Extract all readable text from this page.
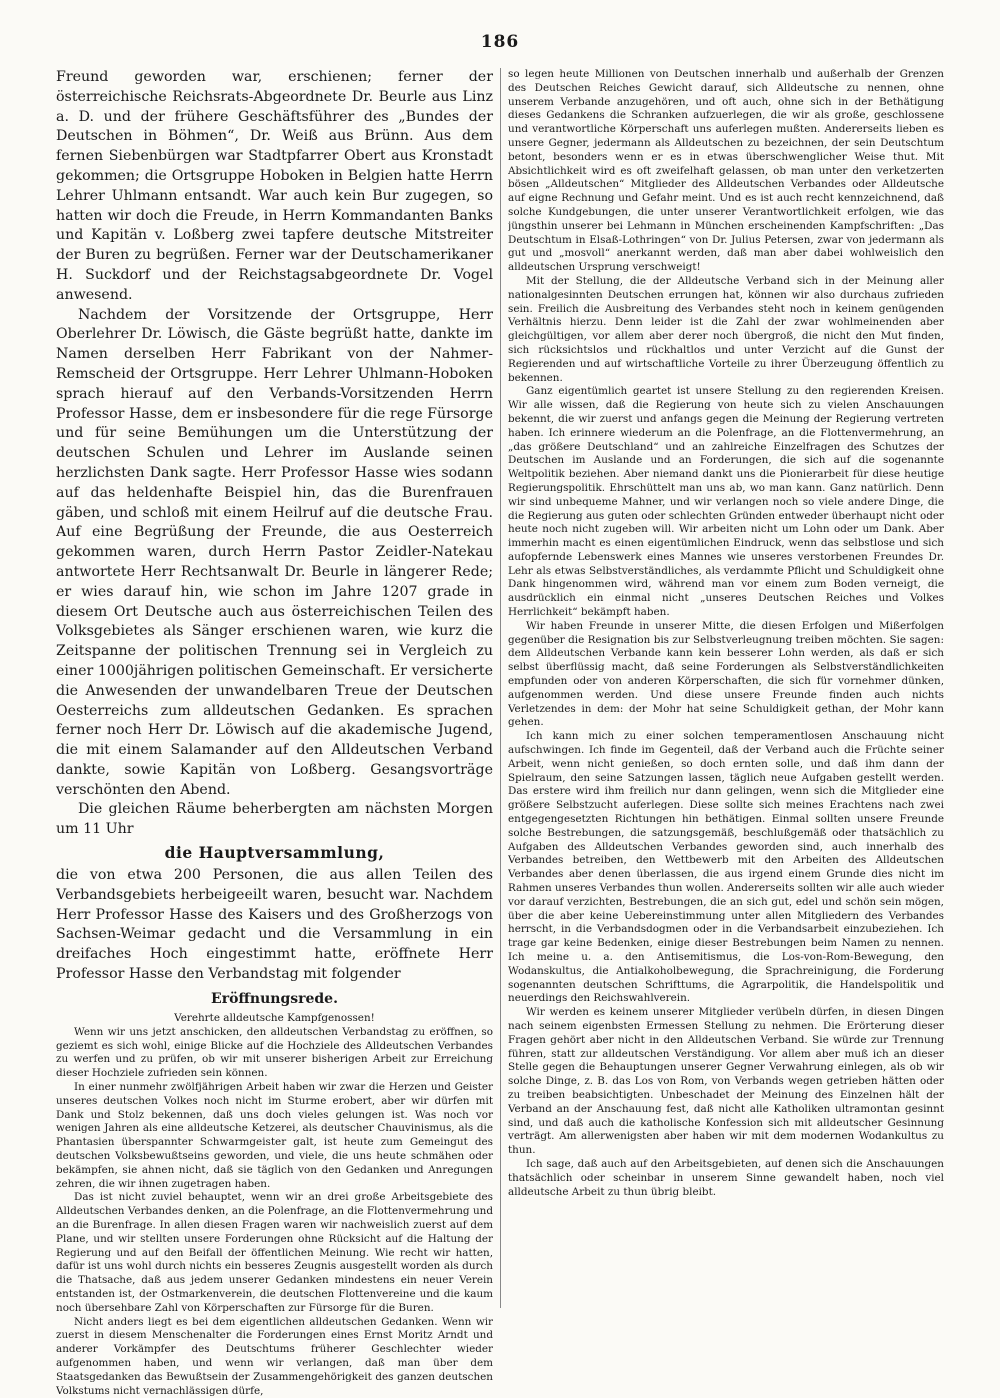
186

Freund geworden war, erschienen; ferner der österreichische Reichsrats-Abgeordnete Dr. Beurle aus Linz a. D. und der frühere Geschäftsführer des „Bundes der Deutschen in Böhmen“, Dr. Weiß aus Brünn. Aus dem fernen Siebenbürgen war Stadtpfarrer Obert aus Kronstadt gekommen; die Ortsgruppe Hoboken in Belgien hatte Herrn Lehrer Uhlmann entsandt. War auch kein Bur zugegen, so hatten wir doch die Freude, in Herrn Kommandanten Banks und Kapitän v. Loßberg zwei tapfere deutsche Mitstreiter der Buren zu begrüßen. Ferner war der Deutschamerikaner H. Suckdorf und der Reichstagsabgeordnete Dr. Vogel anwesend.

Nachdem der Vorsitzende der Ortsgruppe, Herr Oberlehrer Dr. Löwisch, die Gäste begrüßt hatte, dankte im Namen derselben Herr Fabrikant von der Nahmer-Remscheid der Ortsgruppe. Herr Lehrer Uhlmann-Hoboken sprach hierauf auf den Verbands-Vorsitzenden Herrn Professor Hasse, dem er insbesondere für die rege Fürsorge und für seine Bemühungen um die Unterstützung der deutschen Schulen und Lehrer im Auslande seinen herzlichsten Dank sagte. Herr Professor Hasse wies sodann auf das heldenhafte Beispiel hin, das die Burenfrauen gäben, und schloß mit einem Heilruf auf die deutsche Frau. Auf eine Begrüßung der Freunde, die aus Oesterreich gekommen waren, durch Herrn Pastor Zeidler-Natekau antwortete Herr Rechtsanwalt Dr. Beurle in längerer Rede; er wies darauf hin, wie schon im Jahre 1207 grade in diesem Ort Deutsche auch aus österreichischen Teilen des Volksgebietes als Sänger erschienen waren, wie kurz die Zeitspanne der politischen Trennung sei in Vergleich zu einer 1000jährigen politischen Gemeinschaft. Er versicherte die Anwesenden der unwandelbaren Treue der Deutschen Oesterreichs zum alldeutschen Gedanken. Es sprachen ferner noch Herr Dr. Löwisch auf die akademische Jugend, die mit einem Salamander auf den Alldeutschen Verband dankte, sowie Kapitän von Loßberg. Gesangsvorträge verschönten den Abend.

Die gleichen Räume beherbergten am nächsten Morgen um 11 Uhr

die Hauptversammlung,

die von etwa 200 Personen, die aus allen Teilen des Verbandsgebiets herbeigeeilt waren, besucht war. Nachdem Herr Professor Hasse des Kaisers und des Großherzogs von Sachsen-Weimar gedacht und die Versammlung in ein dreifaches Hoch eingestimmt hatte, eröffnete Herr Professor Hasse den Verbandstag mit folgender

Eröffnungsrede.
Verehrte alldeutsche Kampfgenossen!

Wenn wir uns jetzt anschicken, den alldeutschen Verbandstag zu eröffnen, so geziemt es sich wohl, einige Blicke auf die Hochziele des Alldeutschen Verbandes zu werfen und zu prüfen, ob wir mit unserer bisherigen Arbeit zur Erreichung dieser Hochziele zufrieden sein können.

In einer nunmehr zwölfjährigen Arbeit haben wir zwar die Herzen und Geister unseres deutschen Volkes noch nicht im Sturme erobert, aber wir dürfen mit Dank und Stolz bekennen, daß uns doch vieles gelungen ist. Was noch vor wenigen Jahren als eine alldeutsche Ketzerei, als deutscher Chauvinismus, als die Phantasien überspannter Schwarmgeister galt, ist heute zum Gemeingut des deutschen Volksbewußtseins geworden, und viele, die uns heute schmähen oder bekämpfen, sie ahnen nicht, daß sie täglich von den Gedanken und Anregungen zehren, die wir ihnen zugetragen haben.

Das ist nicht zuviel behauptet, wenn wir an drei große Arbeitsgebiete des Alldeutschen Verbandes denken, an die Polenfrage, an die Flottenvermehrung und an die Burenfrage. In allen diesen Fragen waren wir nachweislich zuerst auf dem Plane, und wir stellten unsere Forderungen ohne Rücksicht auf die Haltung der Regierung und auf den Beifall der öffentlichen Meinung. Wie recht wir hatten, dafür ist uns wohl durch nichts ein besseres Zeugnis ausgestellt worden als durch die Thatsache, daß aus jedem unserer Gedanken mindestens ein neuer Verein entstanden ist, der Ostmarkenverein, die deutschen Flottenvereine und die kaum noch übersehbare Zahl von Körperschaften zur Fürsorge für die Buren.

Nicht anders liegt es bei dem eigentlichen alldeutschen Gedanken. Wenn wir zuerst in diesem Menschenalter die Forderungen eines Ernst Moritz Arndt und anderer Vorkämpfer des Deutschtums früherer Geschlechter wieder aufgenommen haben, und wenn wir verlangen, daß man über dem Staatsgedanken das Bewußtsein der Zusammengehörigkeit des ganzen deutschen Volkstums nicht vernachlässigen dürfe,

so legen heute Millionen von Deutschen innerhalb und außerhalb der Grenzen des Deutschen Reiches Gewicht darauf, sich Alldeutsche zu nennen, ohne unserem Verbande anzugehören, und oft auch, ohne sich in der Bethätigung dieses Gedankens die Schranken aufzuerlegen, die wir als große, geschlossene und verantwortliche Körperschaft uns auferlegen mußten. Andererseits lieben es unsere Gegner, jedermann als Alldeutschen zu bezeichnen, der sein Deutschtum betont, besonders wenn er es in etwas überschwenglicher Weise thut. Mit Absichtlichkeit wird es oft zweifelhaft gelassen, ob man unter den verketzerten bösen „Alldeutschen“ Mitglieder des Alldeutschen Verbandes oder Alldeutsche auf eigne Rechnung und Gefahr meint. Und es ist auch recht kennzeichnend, daß solche Kundgebungen, die unter unserer Verantwortlichkeit erfolgen, wie das jüngsthin unserer bei Lehmann in München erscheinenden Kampfschriften: „Das Deutschtum in Elsaß-Lothringen“ von Dr. Julius Petersen, zwar von jedermann als gut und „mosvoll“ anerkannt werden, daß man aber dabei wohlweislich den alldeutschen Ursprung verschweigt!

Mit der Stellung, die der Alldeutsche Verband sich in der Meinung aller nationalgesinnten Deutschen errungen hat, können wir also durchaus zufrieden sein. Freilich die Ausbreitung des Verbandes steht noch in keinem genügenden Verhältnis hierzu. Denn leider ist die Zahl der zwar wohlmeinenden aber gleichgültigen, vor allem aber derer noch übergroß, die nicht den Mut finden, sich rücksichtslos und rückhaltlos und unter Verzicht auf die Gunst der Regierenden und auf wirtschaftliche Vorteile zu ihrer Überzeugung öffentlich zu bekennen.

Ganz eigentümlich geartet ist unsere Stellung zu den regierenden Kreisen. Wir alle wissen, daß die Regierung von heute sich zu vielen Anschauungen bekennt, die wir zuerst und anfangs gegen die Meinung der Regierung vertreten haben. Ich erinnere wiederum an die Polenfrage, an die Flottenvermehrung, an „das größere Deutschland“ und an zahlreiche Einzelfragen des Schutzes der Deutschen im Auslande und an Forderungen, die sich auf die sogenannte Weltpolitik beziehen. Aber niemand dankt uns die Pionierarbeit für diese heutige Regierungspolitik. Ehrschüttelt man uns ab, wo man kann. Ganz natürlich. Denn wir sind unbequeme Mahner, und wir verlangen noch so viele andere Dinge, die die Regierung aus guten oder schlechten Gründen entweder überhaupt nicht oder heute noch nicht zugeben will. Wir arbeiten nicht um Lohn oder um Dank. Aber immerhin macht es einen eigentümlichen Eindruck, wenn das selbstlose und sich aufopfernde Lebenswerk eines Mannes wie unseres verstorbenen Freundes Dr. Lehr als etwas Selbstverständliches, als verdammte Pflicht und Schuldigkeit ohne Dank hingenommen wird, während man vor einem zum Boden verneigt, die ausdrücklich ein einmal nicht „unseres Deutschen Reiches und Volkes Herrlichkeit“ bekämpft haben.

Wir haben Freunde in unserer Mitte, die diesen Erfolgen und Mißerfolgen gegenüber die Resignation bis zur Selbstverleugnung treiben möchten. Sie sagen: dem Alldeutschen Verbande kann kein besserer Lohn werden, als daß er sich selbst überflüssig macht, daß seine Forderungen als Selbstverständlichkeiten empfunden oder von anderen Körperschaften, die sich für vornehmer dünken, aufgenommen werden. Und diese unsere Freunde finden auch nichts Verletzendes in dem: der Mohr hat seine Schuldigkeit gethan, der Mohr kann gehen.

Ich kann mich zu einer solchen temperamentlosen Anschauung nicht aufschwingen. Ich finde im Gegenteil, daß der Verband auch die Früchte seiner Arbeit, wenn nicht genießen, so doch ernten solle, und daß ihm dann der Spielraum, den seine Satzungen lassen, täglich neue Aufgaben gestellt werden. Das erstere wird ihm freilich nur dann gelingen, wenn sich die Mitglieder eine größere Selbstzucht auferlegen. Diese sollte sich meines Erachtens nach zwei entgegengesetzten Richtungen hin bethätigen. Einmal sollten unsere Freunde solche Bestrebungen, die satzungsgemäß, beschlußgemäß oder thatsächlich zu Aufgaben des Alldeutschen Verbandes geworden sind, auch innerhalb des Verbandes betreiben, den Wettbewerb mit den Arbeiten des Alldeutschen Verbandes aber denen überlassen, die aus irgend einem Grunde dies nicht im Rahmen unseres Verbandes thun wollen. Andererseits sollten wir alle auch wieder vor darauf verzichten, Bestrebungen, die an sich gut, edel und schön sein mögen, über die aber keine Uebereinstimmung unter allen Mitgliedern des Verbandes herrscht, in die Verbandsdogmen oder in die Verbandsarbeit einzubeziehen. Ich trage gar keine Bedenken, einige dieser Bestrebungen beim Namen zu nennen. Ich meine u. a. den Antisemitismus, die Los-von-Rom-Bewegung, den Wodanskultus, die Antialkoholbewegung, die Sprachreinigung, die Forderung sogenannten deutschen Schrifttums, die Agrarpolitik, die Handelspolitik und neuerdings den Reichswahlverein.

Wir werden es keinem unserer Mitglieder verübeln dürfen, in diesen Dingen nach seinem eigenbsten Ermessen Stellung zu nehmen. Die Erörterung dieser Fragen gehört aber nicht in den Alldeutschen Verband. Sie würde zur Trennung führen, statt zur alldeutschen Verständigung. Vor allem aber muß ich an dieser Stelle gegen die Behauptungen unserer Gegner Verwahrung einlegen, als ob wir solche Dinge, z. B. das Los von Rom, von Verbands wegen getrieben hätten oder zu treiben beabsichtigten. Unbeschadet der Meinung des Einzelnen hält der Verband an der Anschauung fest, daß nicht alle Katholiken ultramontan gesinnt sind, und daß auch die katholische Konfession sich mit alldeutscher Gesinnung verträgt. Am allerwenigsten aber haben wir mit dem modernen Wodankultus zu thun.

Ich sage, daß auch auf den Arbeitsgebieten, auf denen sich die Anschauungen thatsächlich oder scheinbar in unserem Sinne gewandelt haben, noch viel alldeutsche Arbeit zu thun übrig bleibt.
